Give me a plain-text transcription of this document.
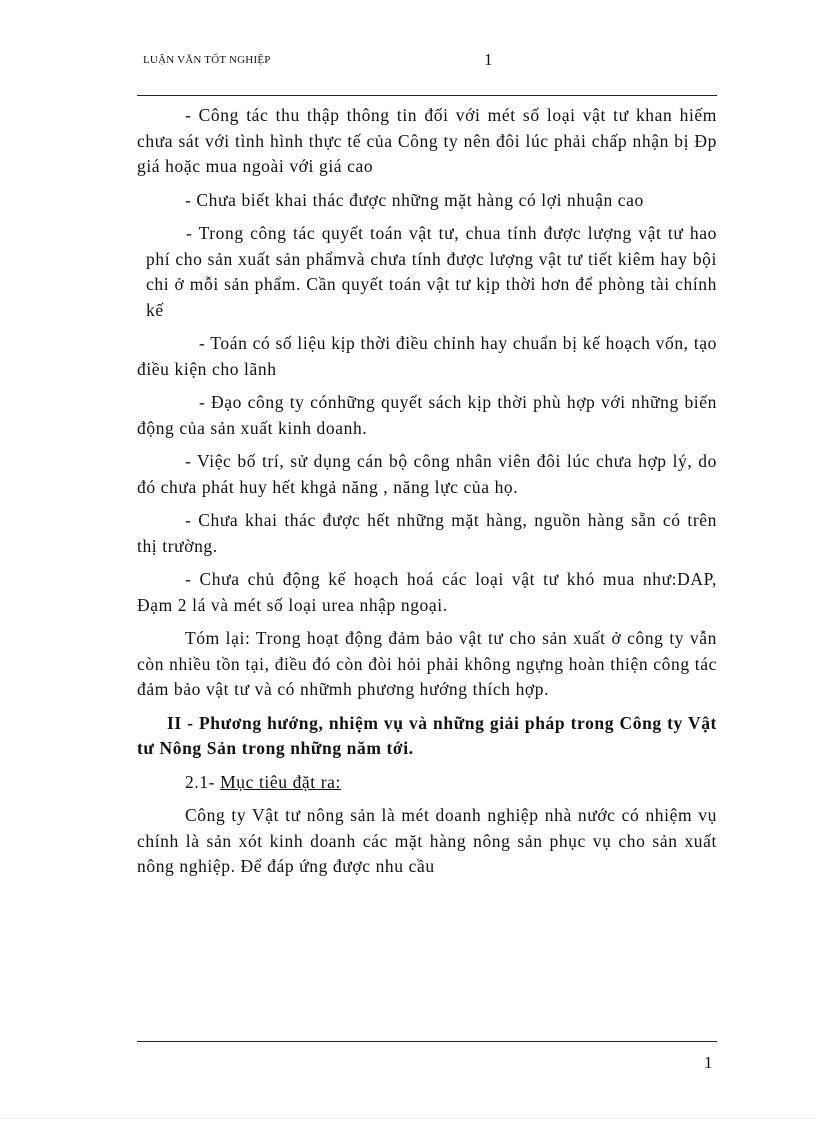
LUẬN VĂN TỐT NGHIỆP	1

- Công tác thu thập thông tin đối với mét số loại vật tư khan hiếm chưa sát với tình hình thực tế của Công ty nên đôi lúc phải chấp nhận bị Đp giá hoặc mua ngoài với giá cao

- Chưa biết khai thác được những mặt hàng có lợi nhuận cao

- Trong công tác quyết toán vật tư, chua tính được lượng vật tư hao phí cho sản xuất sản phẩmvà chưa tính được lượng vật tư tiết kiêm hay bội chi ở mỗi sản phẩm. Cần quyết toán vật tư kịp thời hơn để phòng tài chính kế

- Toán có số liệu kịp thời điều chỉnh hay chuẩn bị kế hoạch vốn, tạo điều kiện cho lãnh

- Đạo công ty cónhững quyết sách kịp thời phù hợp với những biến động của sản xuất kinh doanh.

- Việc bố trí, sử dụng cán bộ công nhân viên đôi lúc chưa hợp lý, do đó chưa phát huy hết khgả năng , năng lực của họ.

- Chưa khai thác được hết những mặt hàng, nguồn hàng sẵn có trên thị trường.

- Chưa chủ động kế hoạch hoá các loại vật tư khó mua như:DAP, Đạm 2 lá và mét số loại urea nhập ngoại.

Tóm lại: Trong hoạt động đảm bảo vật tư cho sản xuất ở công ty vẫn còn nhiều tồn tại, điều đó còn đòi hỏi phải không ngựng hoàn thiện công tác đảm bảo vật tư và có nhữmh phương hướng thích hợp.

II - Phương hướng, nhiệm vụ và những giải pháp trong Công ty Vật tư Nông Sản trong những năm tới.

2.1- Mục tiêu đặt ra:

Công ty Vật tư nông sản là mét doanh nghiệp nhà nước có nhiệm vụ chính là sản xót kinh doanh các mặt hàng nông sản phục vụ cho sản xuất nông nghiệp. Để đáp ứng được nhu cầu

1
